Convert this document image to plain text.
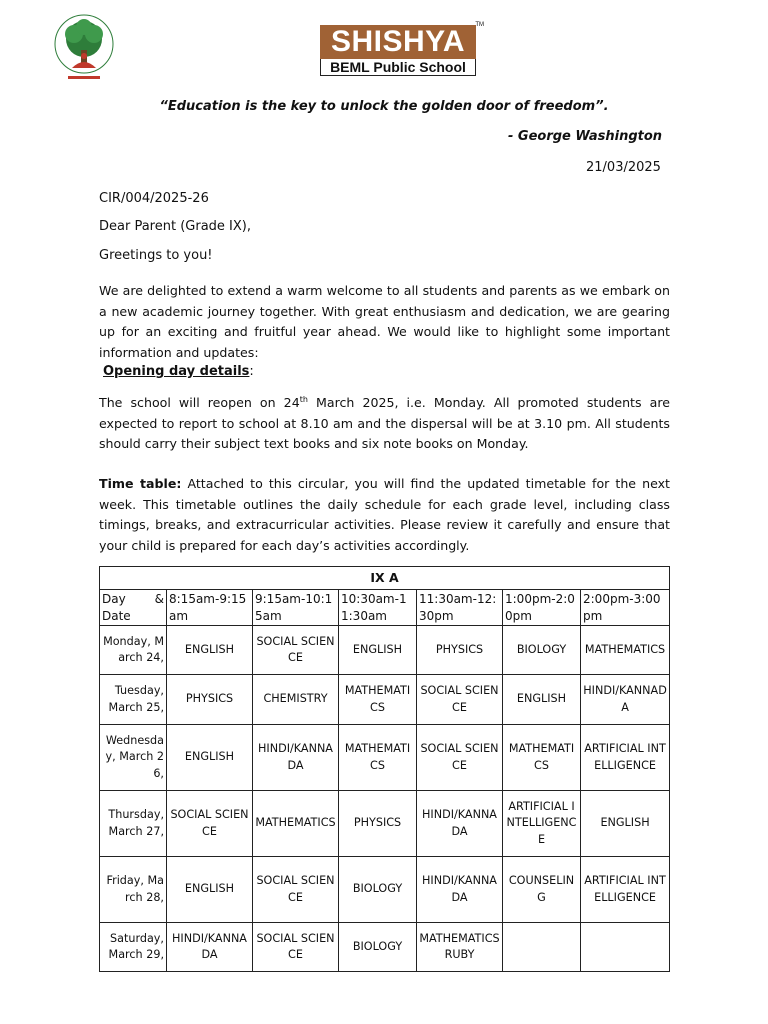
SHISHYA	TM
BEML Public School
“Education is the key to unlock the golden door of freedom”.
- George Washington
21/03/2025
CIR/004/2025-26
Dear Parent (Grade IX),
Greetings to you!
We are delighted to extend a warm welcome to all students and parents as we embark on a new academic journey together. With great enthusiasm and dedication, we are gearing up for an exciting and fruitful year ahead. We would like to highlight some important information and updates:
Opening day details:
The school will reopen on 24th March 2025, i.e. Monday. All promoted students are expected to report to school at 8.10 am and the dispersal will be at 3.10 pm. All students should carry their subject text books and six note books on Monday.
Time table: Attached to this circular, you will find the updated timetable for the next week. This timetable outlines the daily schedule for each grade level, including class timings, breaks, and extracurricular activities. Please review it carefully and ensure that your child is prepared for each day’s activities accordingly.
IX A						

Day &
Date	8:15am-9:15am	9:15am-10:15am	10:30am-11:30am	11:30am-12:30pm	1:00pm-2:00pm	2:00pm-3:00pm
Monday, March 24,	ENGLISH	SOCIAL SCIENCE	ENGLISH	PHYSICS	BIOLOGY	MATHEMATICS
Tuesday, March 25,	PHYSICS	CHEMISTRY	MATHEMATICS	SOCIAL SCIENCE	ENGLISH	HINDI/KANNADA
Wednesday, March 26,	ENGLISH	HINDI/KANNADA	MATHEMATICS	SOCIAL SCIENCE	MATHEMATICS	ARTIFICIAL INTELLIGENCE
Thursday, March 27,	SOCIAL SCIENCE	MATHEMATICS	PHYSICS	HINDI/KANNADA	ARTIFICIAL INTELLIGENCE	ENGLISH
Friday, March 28,	ENGLISH	SOCIAL SCIENCE	BIOLOGY	HINDI/KANNADA	COUNSELING	ARTIFICIAL INTELLIGENCE
Saturday, March 29,	HINDI/KANNADA	SOCIAL SCIENCE	BIOLOGY	MATHEMATICS RUBY		
